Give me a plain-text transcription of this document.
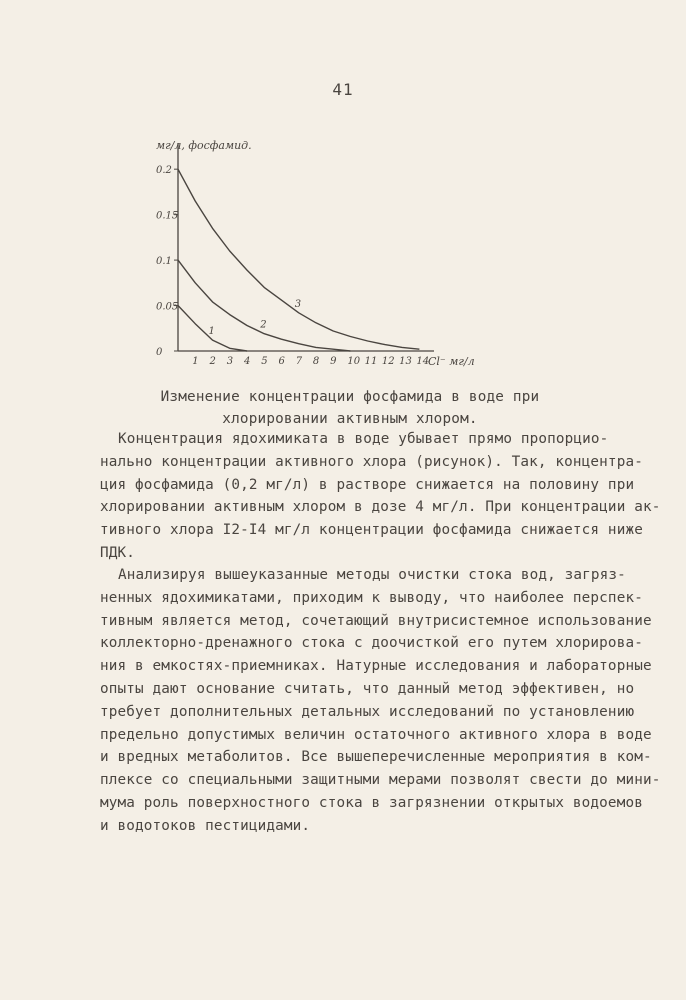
41
мг/л, фосфамид.
Cl⁻ мг/л
0.2
0.15
0.1
0.05
0
1 2 3 4 5 6 7 8 9 10 11 12 13 14
1
2
3
Изменение концентрации фосфамида в воде при
хлорировании активным хлором.
Концентрация ядохимиката в воде убывает прямо пропорцио-
нально концентрации активного хлора (рисунок). Так, концентра-
ция фосфамида (0,2 мг/л) в растворе снижается на половину при
хлорировании активным хлором в дозе 4 мг/л. При концентрации ак-
тивного хлора I2-I4 мг/л концентрации фосфамида снижается ниже
ПДК.
Анализируя вышеуказанные методы очистки стока вод, загряз-
ненных ядохимикатами, приходим к выводу, что наиболее перспек-
тивным является метод, сочетающий внутрисистемное использование
коллекторно-дренажного стока с доочисткой его путем хлорирова-
ния в емкостях-приемниках. Натурные исследования и лабораторные
опыты дают основание считать, что данный метод эффективен, но
требует дополнительных детальных исследований по установлению
предельно допустимых величин остаточного активного хлора в воде
и вредных метаболитов. Все вышеперечисленные мероприятия в ком-
плексе со специальными защитными мерами позволят свести до мини-
мума роль поверхностного стока в загрязнении открытых водоемов
и водотоков пестицидами.
